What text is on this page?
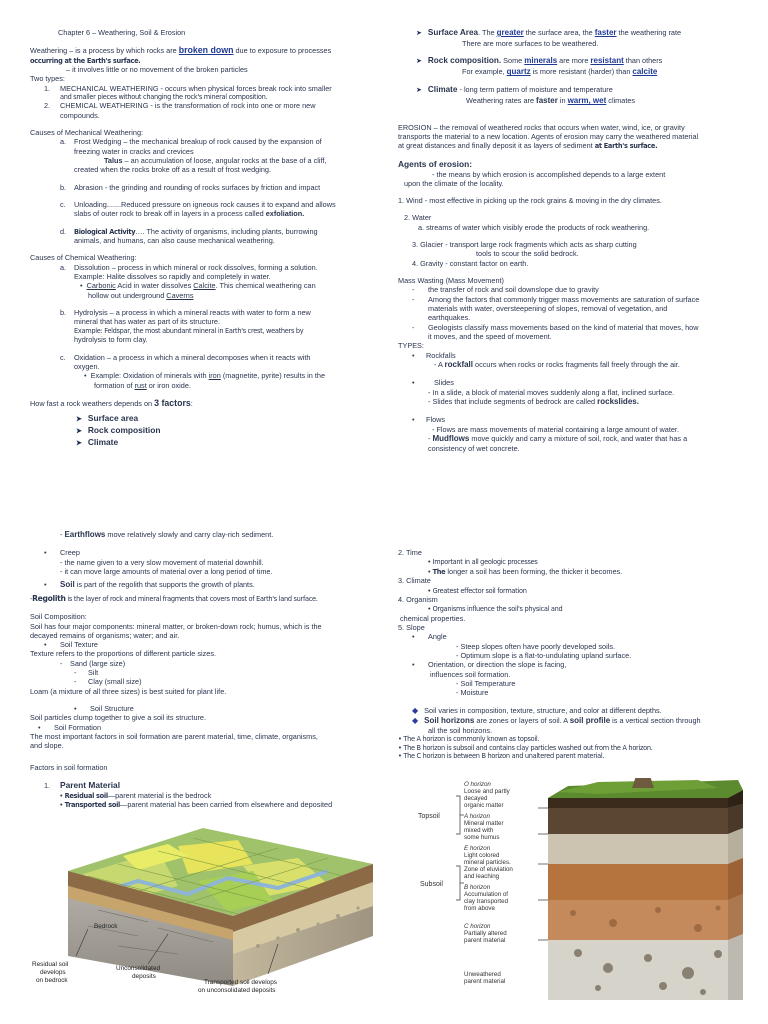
Chapter 6 – Weathering, Soil & Erosion

Weathering – is a process by which rocks are broken down due to exposure to processes

occurring at the Earth's surface.

– it involves little or no movement of the broken particles

Two types:

1. MECHANICAL WEATHERING - occurs when physical forces break rock into smaller

and smaller pieces without changing the rock's mineral composition.

2. CHEMICAL WEATHERING - is the transformation of rock into one or more new

compounds.

Causes of Mechanical Weathering:

a. Frost Wedging – the mechanical breakup of rock caused by the expansion of

freezing water in cracks and crevices

Talus – an accumulation of loose, angular rocks at the base of a cliff,

created when the rocks broke off as a result of frost wedging.

b. Abrasion - the grinding and rounding of rocks surfaces by friction and impact

c. Unloading.......Reduced pressure on igneous rock causes it to expand and allows

slabs of outer rock to break off in layers in a process called exfoliation.

d. Biological Activity…. The activity of organisms, including plants, burrowing

animals, and humans, can also cause mechanical weathering.

Causes of Chemical Weathering:

a. Dissolution – process in which mineral or rock dissolves, forming a solution.

Example: Halite dissolves so rapidly and completely in water.

•  Carbonic Acid in water dissolves Calcite. This chemical weathering can

hollow out underground Caverns

b. Hydrolysis – a process in which a mineral reacts with water to form a new

mineral that has water as part of its structure.

Example: Feldspar, the most abundant mineral in Earth's crest, weathers by

hydrolysis to form clay.

c. Oxidation – a process in which a mineral decomposes when it reacts with

oxygen.

•  Example: Oxidation of minerals with iron (magnetite, pyrite) results in the

formation of rust or iron oxide.

How fast a rock weathers depends on 3 factors:

➤ Surface area

➤ Rock composition

➤ Climate

➤ Surface Area. The greater the surface area, the faster the weathering rate

There are more surfaces to be weathered.

➤ Rock composition. Some minerals are more resistant than others

For example, quartz is more resistant (harder) than calcite

➤ Climate - long term pattern of moisture and temperature

Weathering rates are faster in warm, wet climates

EROSION – the removal of weathered rocks that occurs when water, wind, ice, or gravity

transports the material to a new location. Agents of erosion may carry the weathered material

at great distances and finally deposit it as layers of sediment at Earth's surface.

Agents of erosion:

- the means by which erosion is accomplished depends to a large extent

upon the climate of the locality.

1. Wind - most effective in picking up the rock grains & moving in the dry climates.

2. Water

a. streams of water which visibly erode the products of rock weathering.

3. Glacier - transport large rock fragments which acts as sharp cutting

tools to scour the solid bedrock.

4. Gravity - constant factor on earth.

Mass Wasting (Mass Movement)

- the transfer of rock and soil downslope due to gravity

- Among the factors that commonly trigger mass movements are saturation of surface

materials with water, oversteepening of slopes, removal of vegetation, and

earthquakes.

- Geologists classify mass movements based on the kind of material that moves, how

it moves, and the speed of movement.

TYPES:

• Rockfalls

- A rockfall occurs when rocks or rocks fragments fall freely through the air.

•	Slides

- In a slide, a block of material moves suddenly along a flat, inclined surface.

- Slides that include segments of bedrock are called rockslides.

• Flows

- Flows are mass movements of material containing a large amount of water.

- Mudflows move quickly and carry a mixture of soil, rock, and water that has a

consistency of wet concrete.

- Earthflows move relatively slowly and carry clay-rich sediment.

• Creep

- the name given to a very slow movement of material downhill.

- it can move large amounts of material over a long period of time.

• Soil is part of the regolith that supports the growth of plants.

-Regolith is the layer of rock and mineral fragments that covers most of Earth's land surface.

Soil Composition:

Soil has four major components: mineral matter, or broken-down rock; humus, which is the

decayed remains of organisms; water; and air.

• Soil Texture

Texture refers to the proportions of different particle sizes.

- Sand (large size)

- Silt

- Clay (small size)

Loam (a mixture of all three sizes) is best suited for plant life.

• Soil Structure

Soil particles clump together to give a soil its structure.

• Soil Formation

The most important factors in soil formation are parent material, time, climate, organisms,

and slope.

Factors in soil formation

1. Parent Material

• Residual soil—parent material is the bedrock

• Transported soil—parent material has been carried from elsewhere and deposited

Bedrock
Residual soil
develops
on bedrock
Unconsolidated
deposits
Transported soil develops
on unconsolidated deposits

2. Time

• Important in all geologic processes

• The longer a soil has been forming, the thicker it becomes.

3. Climate

• Greatest effector soil formation

4. Organism

• Organisms influence the soil's physical and

chemical properties.

5. Slope

• Angle

- Steep slopes often have poorly developed soils.

- Optimum slope is a flat-to-undulating upland surface.

• Orientation, or direction the slope is facing,

influences soil formation.

- Soil Temperature

- Moisture

◆ Soil varies in composition, texture, structure, and color at different depths.

◆ Soil horizons are zones or layers of soil. A soil profile is a vertical section through

all the soil horizons.

• The A horizon is commonly known as topsoil.

• The B horizon is subsoil and contains clay particles washed out from the A horizon.

• The C horizon is between B horizon and unaltered parent material.

Topsoil
Subsoil
O horizon
Loose and partly
decayed
organic matter
A horizon
Mineral matter
mixed with
some humus
E horizon
Light colored
mineral particles.
Zone of eluviation
and leaching
B horizon
Accumulation of
clay transported
from above
C horizon
Partially altered
parent material
Unweathered
parent material
